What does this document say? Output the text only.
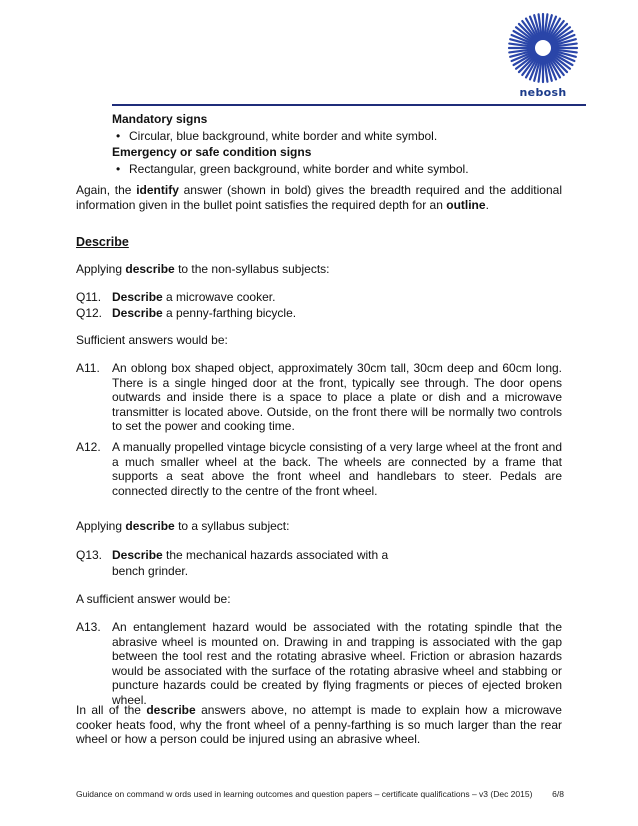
nebosh
Mandatory signs
• Circular, blue background, white border and white symbol.
Emergency or safe condition signs
• Rectangular, green background, white border and white symbol.
Again, the identify answer (shown in bold) gives the breadth required and the additional information given in the bullet point satisfies the required depth for an outline.
Describe
Applying describe to the non-syllabus subjects:
Q11. Describe a microwave cooker.
Q12. Describe a penny-farthing bicycle.
Sufficient answers would be:
A11. An oblong box shaped object, approximately 30cm tall, 30cm deep and 60cm long. There is a single hinged door at the front, typically see through. The door opens outwards and inside there is a space to place a plate or dish and a microwave transmitter is located above. Outside, on the front there will be normally two controls to set the power and cooking time.
A12. A manually propelled vintage bicycle consisting of a very large wheel at the front and a much smaller wheel at the back. The wheels are connected by a frame that supports a seat above the front wheel and handlebars to steer. Pedals are connected directly to the centre of the front wheel.
Applying describe to a syllabus subject:
Q13. Describe the mechanical hazards associated with a
bench grinder.
A sufficient answer would be:
A13. An entanglement hazard would be associated with the rotating spindle that the abrasive wheel is mounted on. Drawing in and trapping is associated with the gap between the tool rest and the rotating abrasive wheel. Friction or abrasion hazards would be associated with the surface of the rotating abrasive wheel and stabbing or puncture hazards could be created by flying fragments or pieces of ejected broken wheel.
In all of the describe answers above, no attempt is made to explain how a microwave cooker heats food, why the front wheel of a penny-farthing is so much larger than the rear wheel or how a person could be injured using an abrasive wheel.
Guidance on command w ords used in learning outcomes and question papers – certificate qualifications – v3 (Dec 2015) 6/8
